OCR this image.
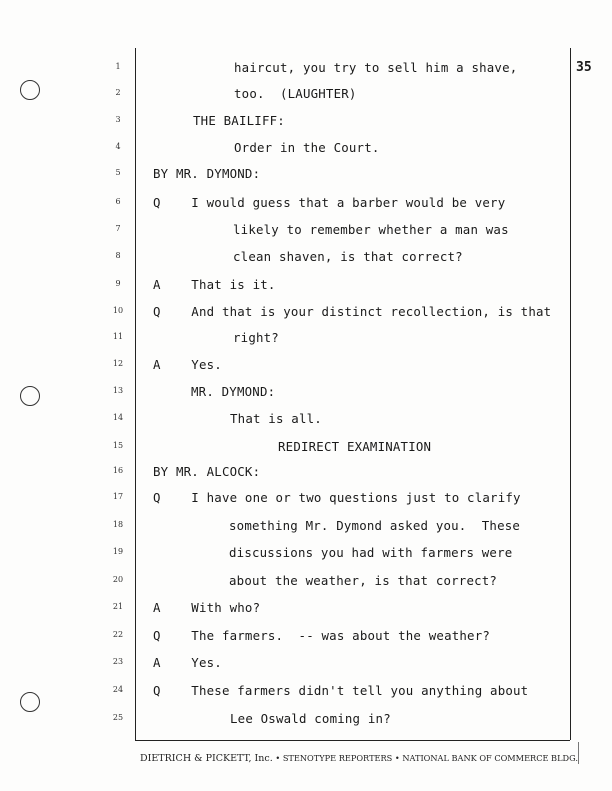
35
1
2
3
4
5
6
7
8
9
10
11
12
13
14
15
16
17
18
19
20
21
22
23
24
25
haircut, you try to sell him a shave,
too.  (LAUGHTER)
THE BAILIFF:
Order in the Court.
BY MR. DYMOND:
Q    I would guess that a barber would be very
likely to remember whether a man was
clean shaven, is that correct?
A    That is it.
Q    And that is your distinct recollection, is that
right?
A    Yes.
MR. DYMOND:
That is all.
REDIRECT EXAMINATION
BY MR. ALCOCK:
Q    I have one or two questions just to clarify
something Mr. Dymond asked you.  These
discussions you had with farmers were
about the weather, is that correct?
A    With who?
Q    The farmers.  -- was about the weather?
A    Yes.
Q    These farmers didn't tell you anything about
Lee Oswald coming in?
DIETRICH & PICKETT, Inc. • STENOTYPE REPORTERS • NATIONAL BANK OF COMMERCE BLDG.
